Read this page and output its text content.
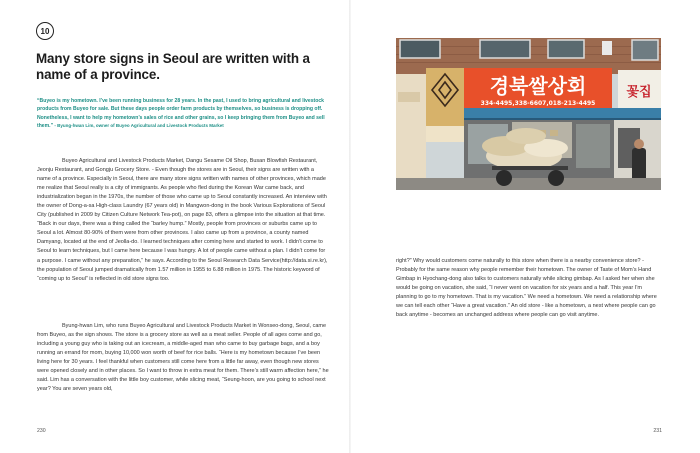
10
Many store signs in Seoul are written with a name of a province.
“Buyeo is my hometown. I’ve been running business for 28 years. In the past, I used to bring agricultural and livestock products from Buyeo for sale. But these days people order farm products by themselves, so business is dropping off. Nonetheless, I want to help my hometown’s sales of rice and other grains, so I keep bringing them from Buyeo and sell them.” - Byung-hwan Lim, owner of Buyeo Agricultural and Livestock Products Market

Buyeo Agricultural and Livestock Products Market, Dangu Sesame Oil Shop, Busan Blowfish Restaurant, Jeonju Restaurant, and Gongju Grocery Store. - Even though the stores are in Seoul, their signs are written with a name of a province. Especially in Seoul, there are many store signs written with names of other provinces, which made me realize that Seoul really is a city of immigrants. As people who fled during the Korean War came back, and industrialization began in the 1970s, the number of those who came up to Seoul constantly increased. An interview with the owner of Dong-a-sa High-class Laundry (67 years old) in Mangwon-dong in the book Various Explorations of Seoul City (published in 2009 by Citizen Culture Network Tea-pot), on page 83, offers a glimpse into the situation at that time. “Back in our days, there was a thing called the “barley hump.” Mostly, people from provinces or suburbs came up to Seoul a lot. Almost 80-90% of them were from other provinces. I also came up from a province, a county named Damyang, located at the end of Jeolla-do. I learned techniques after coming here and started to work. I didn’t come to Seoul to learn techniques, but I came here because I was hungry. A lot of people came without a plan. I didn’t come for a purpose. I came without any preparation,” he says. According to the Seoul Research Data Service(http://data.si.re.kr), the population of Seoul jumped dramatically from 1.57 million in 1955 to 6.88 million in 1975. The historic keyword of “coming up to Seoul” is reflected in old store signs too.

Byung-hwan Lim, who runs Buyeo Agricultural and Livestock Products Market in Wonseo-dong, Seoul, came from Buyeo, as the sign shows. The store is a grocery store as well as a meat seller. People of all ages come and go, including a young guy who is taking out an icecream, a middle-aged man who came to buy garbage bags, and a boy running an errand for mom, buying 10,000 won worth of beef for rice balls. “Here is my hometown because I’ve been living here for 30 years. I feel thankful when customers still come here from a little far away, even though new stores were opened closely and in other places. So I want to throw in extra meat for them. There’s still warm affection here,” he said. Lim has a conversation with the little boy customer, while slicing meat, “Seung-hoon, are you going to school next year? You are seven years old,

230
경북쌀상회
334-4495,338-6607,018-213-4495
꽃집

right?” Why would customers come naturally to this store when there is a nearby convenience store? - Probably for the same reason why people remember their hometown. The owner of Taste of Mom’s Hand Gimbap in Hyochang-dong also talks to customers naturally while slicing gimbap. As I asked her when she would be going on vacation, she said, “I never went on vacation for six years and a half. This year I’m planning to go to my hometown. That is my vacation.” We need a hometown. We need a relationship where we can tell each other “Have a great vacation.” An old store - like a hometown, a nest where people can go back anytime - becomes an unchanged address where people can go visit anytime.

231
